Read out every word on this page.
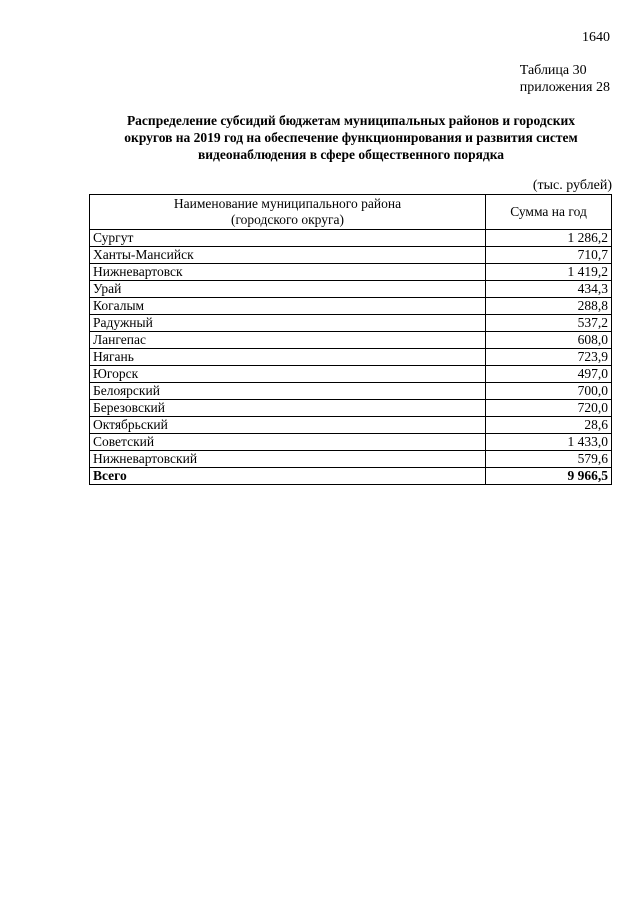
1640
Таблица 30
приложения 28
Распределение субсидий бюджетам муниципальных районов и городских
округов на 2019 год на обеспечение функционирования и развития систем
видеонаблюдения в сфере общественного порядка
(тыс. рублей)
Наименование муниципального района
(городского округа)	Сумма на год
Сургут	1 286,2
Ханты-Мансийск	710,7
Нижневартовск	1 419,2
Урай	434,3
Когалым	288,8
Радужный	537,2
Лангепас	608,0
Нягань	723,9
Югорск	497,0
Белоярский	700,0
Березовский	720,0
Октябрьский	28,6
Советский	1 433,0
Нижневартовский	579,6
Всего	9 966,5
